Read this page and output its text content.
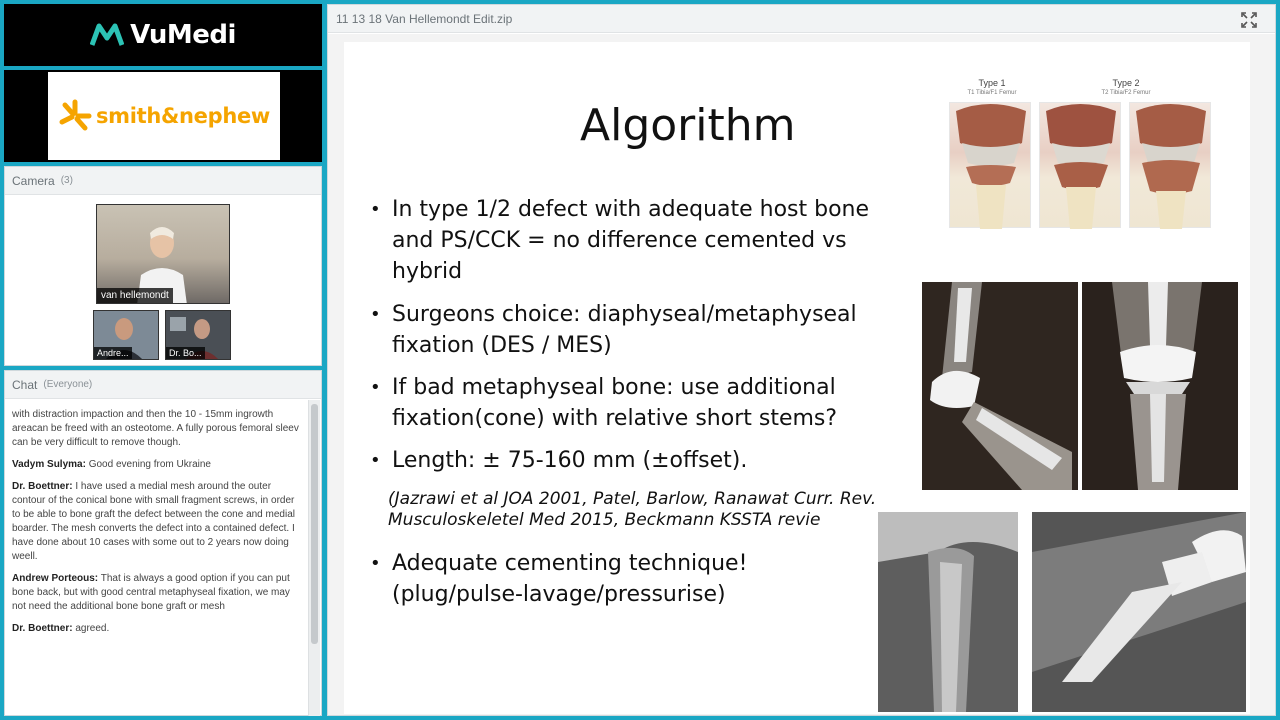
VuMedi
smith&nephew
Camera (3)
van hellemondt
Andre...	Dr. Bo...
Chat (Everyone)
with distraction impaction and then the 10 - 15mm ingrowth areacan be freed with an osteotome. A fully porous femoral sleev can be very difficult to remove though.
Vadym Sulyma: Good evening from Ukraine
Dr. Boettner: I have used a medial mesh around the outer contour of the conical bone with small fragment screws, in order to be able to bone graft the defect between the cone and medial boarder. The mesh converts the defect into a contained defect. I have done about 10 cases with some out to 2 years now doing weell.
Andrew Porteous: That is always a good option if you can put bone back, but with good central metaphyseal fixation, we may not need the additional bone bone graft or mesh
Dr. Boettner: agreed.
11 13 18 Van Hellemondt Edit.zip
Algorithm
Type 1
T1 Tibia/F1 Femur
Type 2
T2 Tibia/F2 Femur
• In type 1/2 defect with adequate host bone
and PS/CCK = no difference cemented vs
hybrid
• Surgeons choice: diaphyseal/metaphyseal
fixation (DES / MES)
• If bad metaphyseal bone: use additional
fixation(cone) with relative short stems?
• Length: ± 75-160 mm (±offset).
(Jazrawi et al JOA 2001, Patel, Barlow, Ranawat Curr. Rev.
Musculoskeletel Med 2015, Beckmann KSSTA revie
• Adequate cementing technique!
(plug/pulse-lavage/pressurise)
